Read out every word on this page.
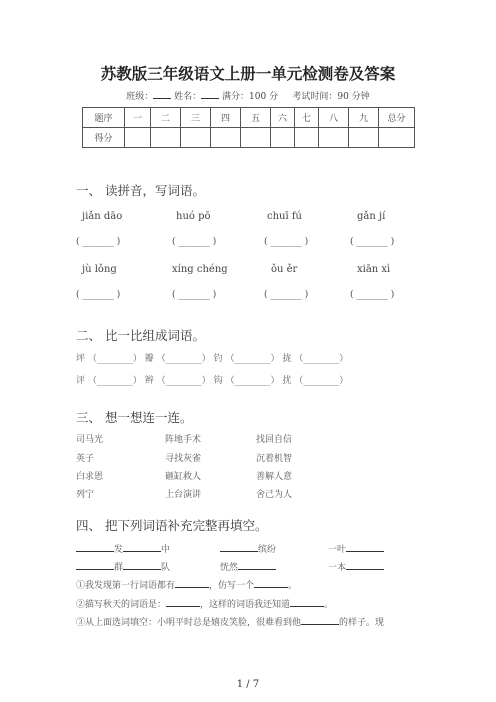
苏教版三年级语文上册一单元检测卷及答案
班级： 姓名： 满分：100 分 考试时间：90 分钟
题序	一	二	三	四	五	六	七	八	九	总分
得分										
一、 读拼音，写词语。
jiǎn dāo	huó pō	chuī fú	gǎn jí
( _______ )	( _______ )	( _______ )	( _______ )
jù lǒng	xíng chéng	ǒu ěr	xiān xì
( _______ )	( _______ )	( _______ )	( _______ )
二、 比一比组成词语。
坪 （________） 瓣 （________） 钓 （________） 拢 （________）
评 （________） 辫 （________） 钩 （________） 扰 （________）
三、 想一想连一连。
司马光
英子
白求恩
列宁
阵地手术
寻找灰雀
砸缸救人
上台演讲
找回自信
沉着机智
善解人意
舍己为人
四、 把下列词语补充完整再填空。
发	中	缤纷	一叶
群	队	恍然	一本
①我发现第一行词语都有	，仿写一个	。
②描写秋天的词语是：	，这样的词语我还知道	。
③从上面选词填空：小明平时总是嬉皮笑脸，很难看到他	的样子。现
1 / 7
